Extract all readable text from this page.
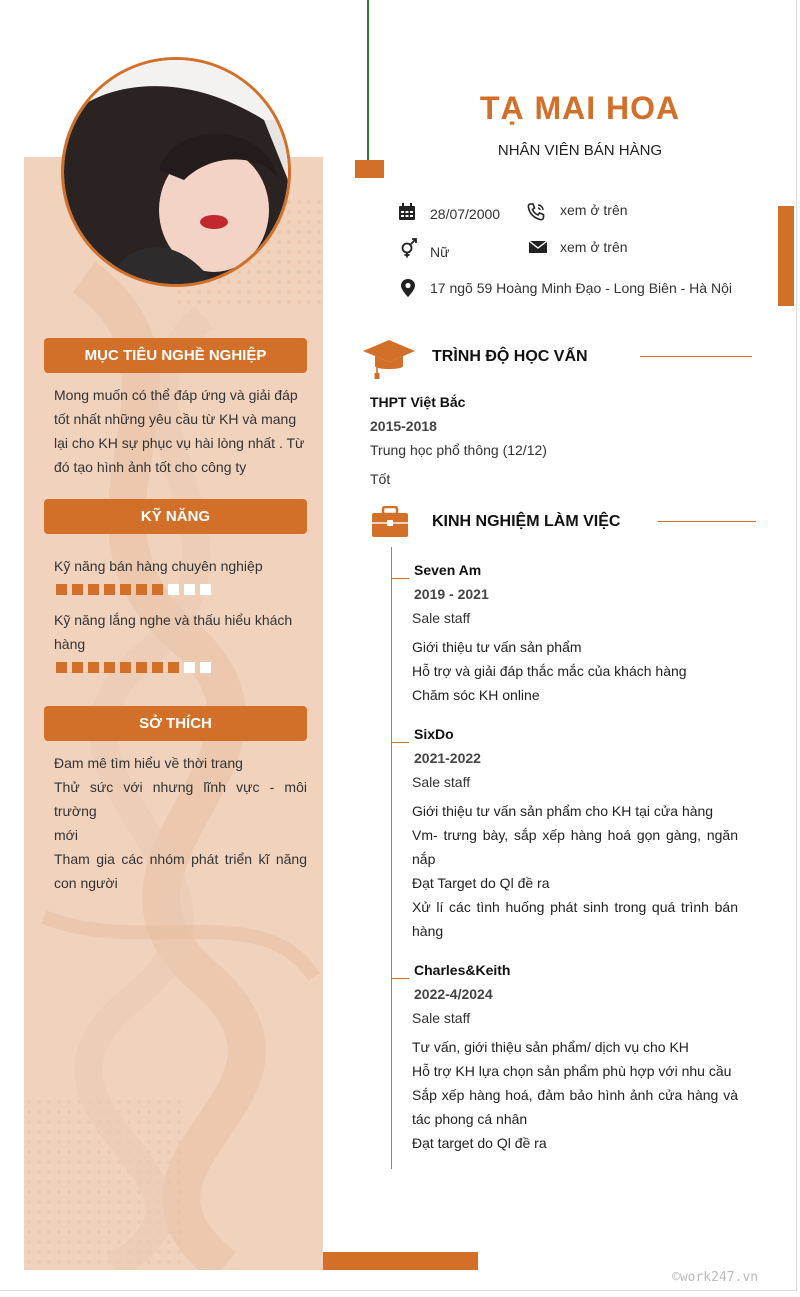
TẠ MAI HOA
NHÂN VIÊN BÁN HÀNG
28/07/2000	xem ở trên
Nữ	xem ở trên
17 ngõ 59 Hoàng Minh Đạo - Long Biên - Hà Nội
MỤC TIÊU NGHỀ NGHIỆP
Mong muốn có thể đáp ứng và giải đáp
tốt nhất những yêu cầu từ KH và mang
lại cho KH sự phục vụ hài lòng nhất . Từ
đó tạo hình ảnh tốt cho công ty
KỸ NĂNG
Kỹ năng bán hàng chuyên nghiệp
Kỹ năng lắng nghe và thấu hiểu khách
hàng
SỞ THÍCH
Đam mê tìm hiểu về thời trang
Thử sức với nhưng lĩnh vực - môi trường
mới
Tham gia các nhóm phát triển kĩ năng
con người
TRÌNH ĐỘ HỌC VẤN
THPT Việt Bắc
2015-2018
Trung học phổ thông (12/12)
Tốt
KINH NGHIỆM LÀM VIỆC
Seven Am
2019 - 2021
Sale staff
Giới thiệu tư vấn sản phẩm
Hỗ trợ và giải đáp thắc mắc của khách hàng
Chăm sóc KH online
SixDo
2021-2022
Sale staff
Giới thiệu tư vấn sản phẩm cho KH tại cửa hàng
Vm- trưng bày, sắp xếp hàng hoá gọn gàng, ngăn
nắp
Đạt Target do Ql đề ra
Xử lí các tình huống phát sinh trong quá trình bán
hàng
Charles&Keith
2022-4/2024
Sale staff
Tư vấn, giới thiệu sản phẩm/ dịch vụ cho KH
Hỗ trợ KH lựa chọn sản phẩm phù hợp với nhu cầu
Sắp xếp hàng hoá, đảm bảo hình ảnh cửa hàng và
tác phong cá nhân
Đạt target do Ql đề ra
©work247.vn
